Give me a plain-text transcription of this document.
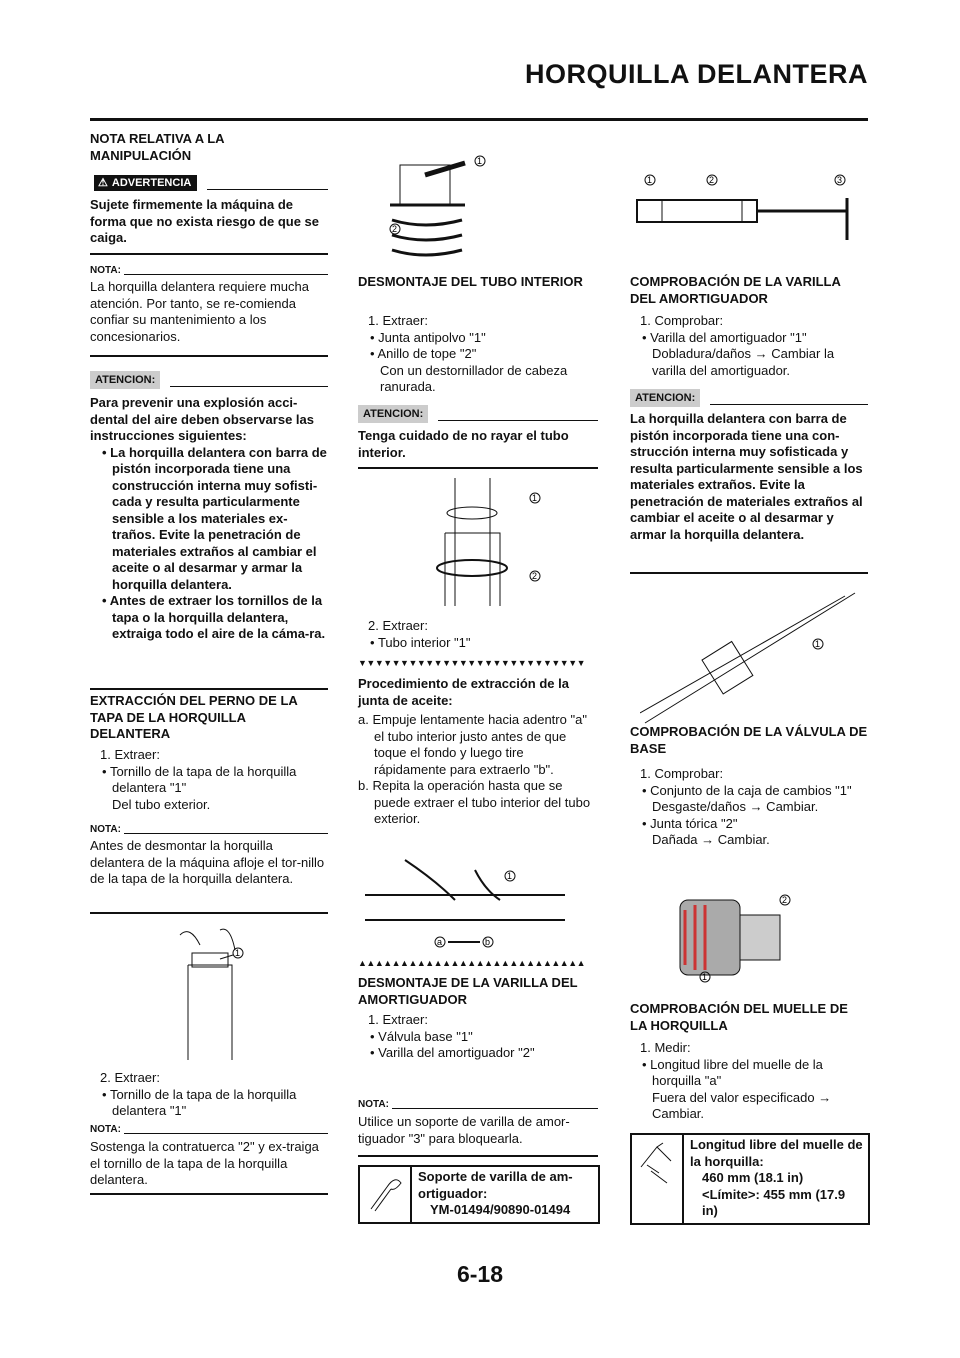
HORQUILLA DELANTERA
NOTA RELATIVA A LA MANIPULACIÓN
⚠ ADVERTENCIA
Sujete firmemente la máquina de forma que no exista riesgo de que se caiga.
NOTA:
La horquilla delantera requiere mucha atención. Por tanto, se re-comienda confiar su mantenimiento a los concesionarios.
ATENCION:
Para prevenir una explosión acci-dental del aire deben observarse las instrucciones siguientes:
• La horquilla delantera con barra de pistón incorporada tiene una construcción interna muy sofisti-cada y resulta particularmente sensible a los materiales ex-traños. Evite la penetración de materiales extraños al cambiar el aceite o al desarmar y armar la horquilla delantera.
• Antes de extraer los tornillos de la tapa o la horquilla delantera, extraiga todo el aire de la cáma-ra.
EXTRACCIÓN DEL PERNO DE LA TAPA DE LA HORQUILLA DELANTERA
1. Extraer:
• Tornillo de la tapa de la horquilla delantera "1"
Del tubo exterior.
NOTA:
Antes de desmontar la horquilla delantera de la máquina afloje el tor-nillo de la tapa de la horquilla delantera.
1
2. Extraer:
• Tornillo de la tapa de la horquilla delantera "1"
NOTA:
Sostenga la contratuerca "2" y ex-traiga el tornillo de la tapa de la horquilla delantera.
1
2
DESMONTAJE DEL TUBO INTERIOR
1. Extraer:
• Junta antipolvo "1"
• Anillo de tope "2"
Con un destornillador de cabeza ranurada.
ATENCION:
Tenga cuidado de no rayar el tubo interior.
1
2
2. Extraer:
• Tubo interior "1"
▼▼▼▼▼▼▼▼▼▼▼▼▼▼▼▼▼▼▼▼▼▼▼▼▼▼▼
Procedimiento de extracción de la junta de aceite:
a. Empuje lentamente hacia adentro "a" el tubo interior justo antes de que toque el fondo y luego tire rápidamente para extraerlo "b".
b. Repita la operación hasta que se puede extraer el tubo interior del tubo exterior.
1
a	b
▲▲▲▲▲▲▲▲▲▲▲▲▲▲▲▲▲▲▲▲▲▲▲▲▲▲▲
DESMONTAJE DE LA VARILLA DEL AMORTIGUADOR
1. Extraer:
• Válvula base "1"
• Varilla del amortiguador "2"
NOTA:
Utilice un soporte de varilla de amor-tiguador "3" para bloquearla.
Soporte de varilla de am-ortiguador:
YM-01494/90890-01494
1	2	3
COMPROBACIÓN DE LA VARILLA DEL AMORTIGUADOR
1. Comprobar:
• Varilla del amortiguador "1"
Dobladura/daños → Cambiar la varilla del amortiguador.
ATENCION:
La horquilla delantera con barra de pistón incorporada tiene una con-strucción interna muy sofisticada y resulta particularmente sensible a los materiales extraños. Evite la penetración de materiales extraños al cambiar el aceite o al desarmar y armar la horquilla delantera.
1
COMPROBACIÓN DE LA VÁLVULA DE BASE
1. Comprobar:
• Conjunto de la caja de cambios "1"
Desgaste/daños → Cambiar.
• Junta tórica "2"
Dañada → Cambiar.
2
1
COMPROBACIÓN DEL MUELLE DE LA HORQUILLA
1. Medir:
• Longitud libre del muelle de la horquilla "a"
Fuera del valor especificado → Cambiar.
Longitud libre del muelle de la horquilla:
460 mm (18.1 in)
<Límite>: 455 mm (17.9 in)
6-18
